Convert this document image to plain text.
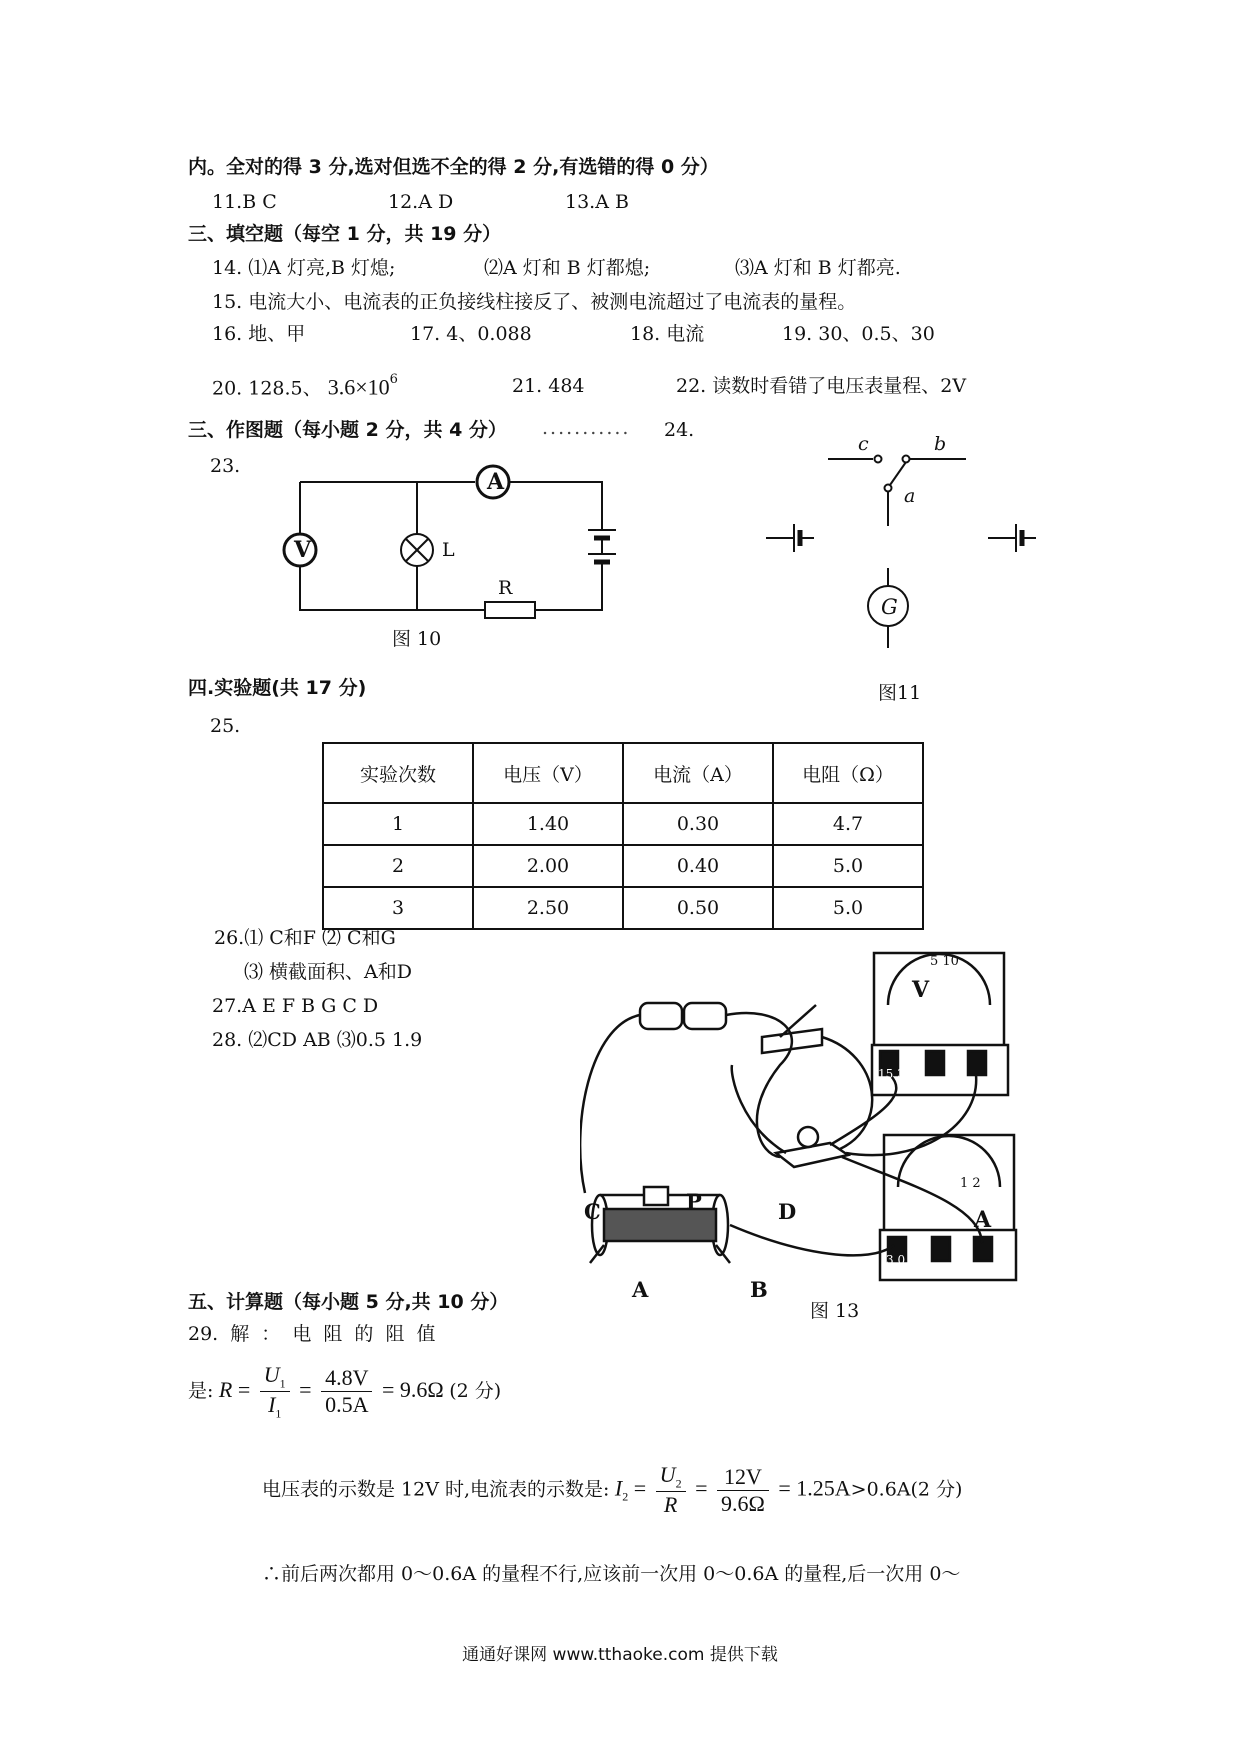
内。全对的得 3 分,选对但选不全的得 2 分,有选错的得 0 分）
11.B C	12.A D	13.A B
三、填空题（每空 1 分，共 19 分）
14. ⑴A 灯亮,B 灯熄;	⑵A 灯和 B 灯都熄;	⑶A 灯和 B 灯都亮.
15. 电流大小、电流表的正负接线柱接反了、被测电流超过了电流表的量程。
16. 地、甲	17. 4、0.088	18. 电流	19. 30、0.5、30
20. 128.5、 $3.6\times 10^6$	21. 484	22. 读数时看错了电压表量程、2V
三、作图题（每小题 2 分，共 4 分） ........... 24.
23.
A
V	L
R
图 10
c	b
a
G
图11
四.实验题(共 17 分)
25.
实验次数	电压（V）	电流（A）	电阻（Ω）
1	1.40	0.30	4.7
2	2.00	0.40	5.0
3	2.50	0.50	5.0
26.⑴ C和F ⑵ C和G
⑶ 横截面积、A和D
27.A E F B G C D
28. ⑵CD AB ⑶0.5 1.9
V
5 10
15 3 +
A
1 2
3 0.6 +
C	P	D
A	B
图 13
五、计算题（每小题 5 分,共 10 分）
29. 解 ： 电 阻 的 阻 值
是: $R = \frac{U_1}{I_1} = \frac{4.8V}{0.5A} = 9.6\Omega$ (2 分)
电压表的示数是 12V 时,电流表的示数是: $I_2 = \frac{U_2}{R} = \frac{12V}{9.6\Omega} = 1.25A>0.6A(2$ 分)
∴前后两次都用 0～0.6A 的量程不行,应该前一次用 0～0.6A 的量程,后一次用 0～
通通好课网 www.tthaoke.com 提供下载
